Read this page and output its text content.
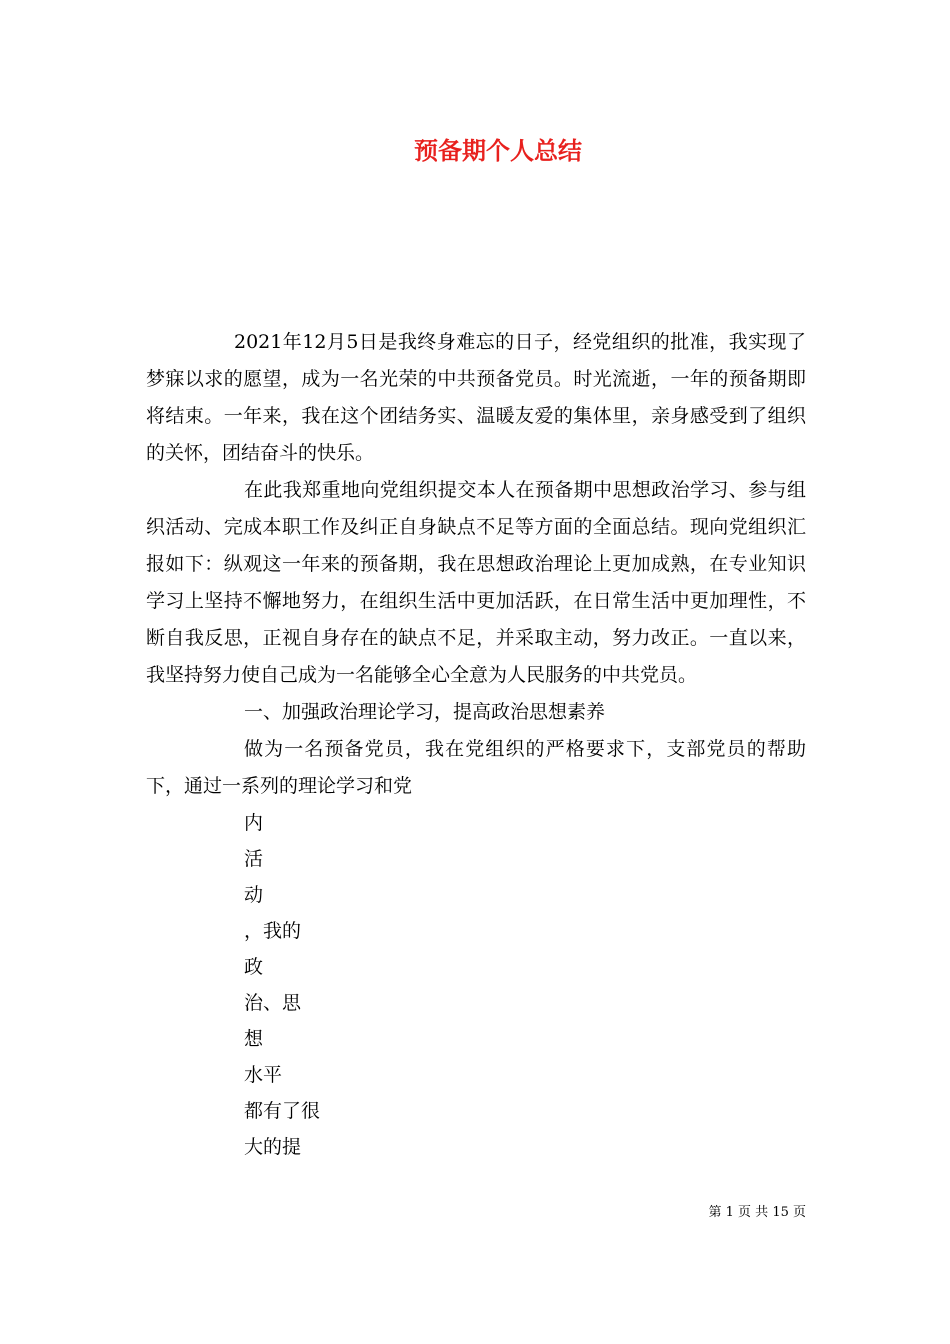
预备期个人总结

2021年12月5日是我终身难忘的日子，经党组织的批准，我实现了梦寐以求的愿望，成为一名光荣的中共预备党员。时光流逝，一年的预备期即将结束。一年来，我在这个团结务实、温暖友爱的集体里，亲身感受到了组织的关怀，团结奋斗的快乐。

在此我郑重地向党组织提交本人在预备期中思想政治学习、参与组织活动、完成本职工作及纠正自身缺点不足等方面的全面总结。现向党组织汇报如下：纵观这一年来的预备期，我在思想政治理论上更加成熟，在专业知识学习上坚持不懈地努力，在组织生活中更加活跃，在日常生活中更加理性，不断自我反思，正视自身存在的缺点不足，并采取主动，努力改正。一直以来，我坚持努力使自己成为一名能够全心全意为人民服务的中共党员。

一、加强政治理论学习，提高政治思想素养

做为一名预备党员，我在党组织的严格要求下，支部党员的帮助下，通过一系列的理论学习和党

内
活
动
，我的
政
治、思
想
水平
都有了很
大的提
第 1 页 共 15 页
